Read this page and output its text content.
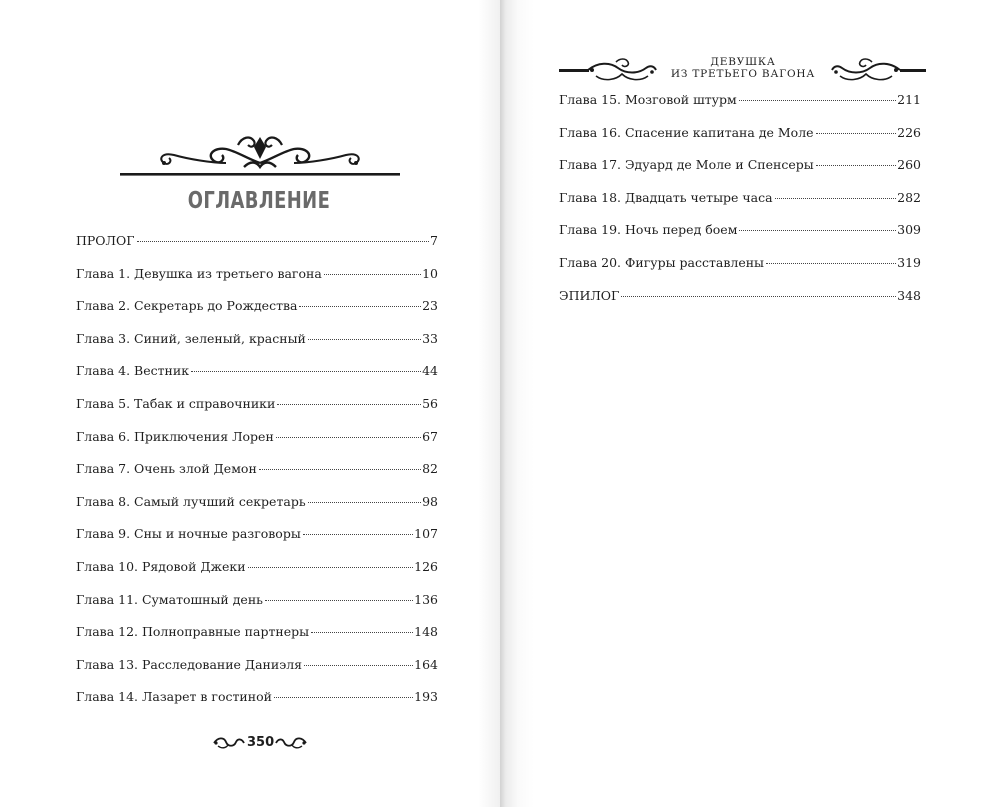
ОГЛАВЛЕНИЕ
ПРОЛОГ	7
Глава 1. Девушка из третьего вагона	10
Глава 2. Секретарь до Рождества	23
Глава 3. Синий, зеленый, красный	33
Глава 4. Вестник	44
Глава 5. Табак и справочники	56
Глава 6. Приключения Лорен	67
Глава 7. Очень злой Демон	82
Глава 8. Самый лучший секретарь	98
Глава 9. Сны и ночные разговоры	107
Глава 10. Рядовой Джеки	126
Глава 11. Суматошный день	136
Глава 12. Полноправные партнеры	148
Глава 13. Расследование Даниэля	164
Глава 14. Лазарет в гостиной	193
350
ДЕВУШКА
ИЗ ТРЕТЬЕГО ВАГОНА
Глава 15. Мозговой штурм	211
Глава 16. Спасение капитана де Моле	226
Глава 17. Эдуард де Моле и Спенсеры	260
Глава 18. Двадцать четыре часа	282
Глава 19. Ночь перед боем	309
Глава 20. Фигуры расставлены	319
ЭПИЛОГ	348
